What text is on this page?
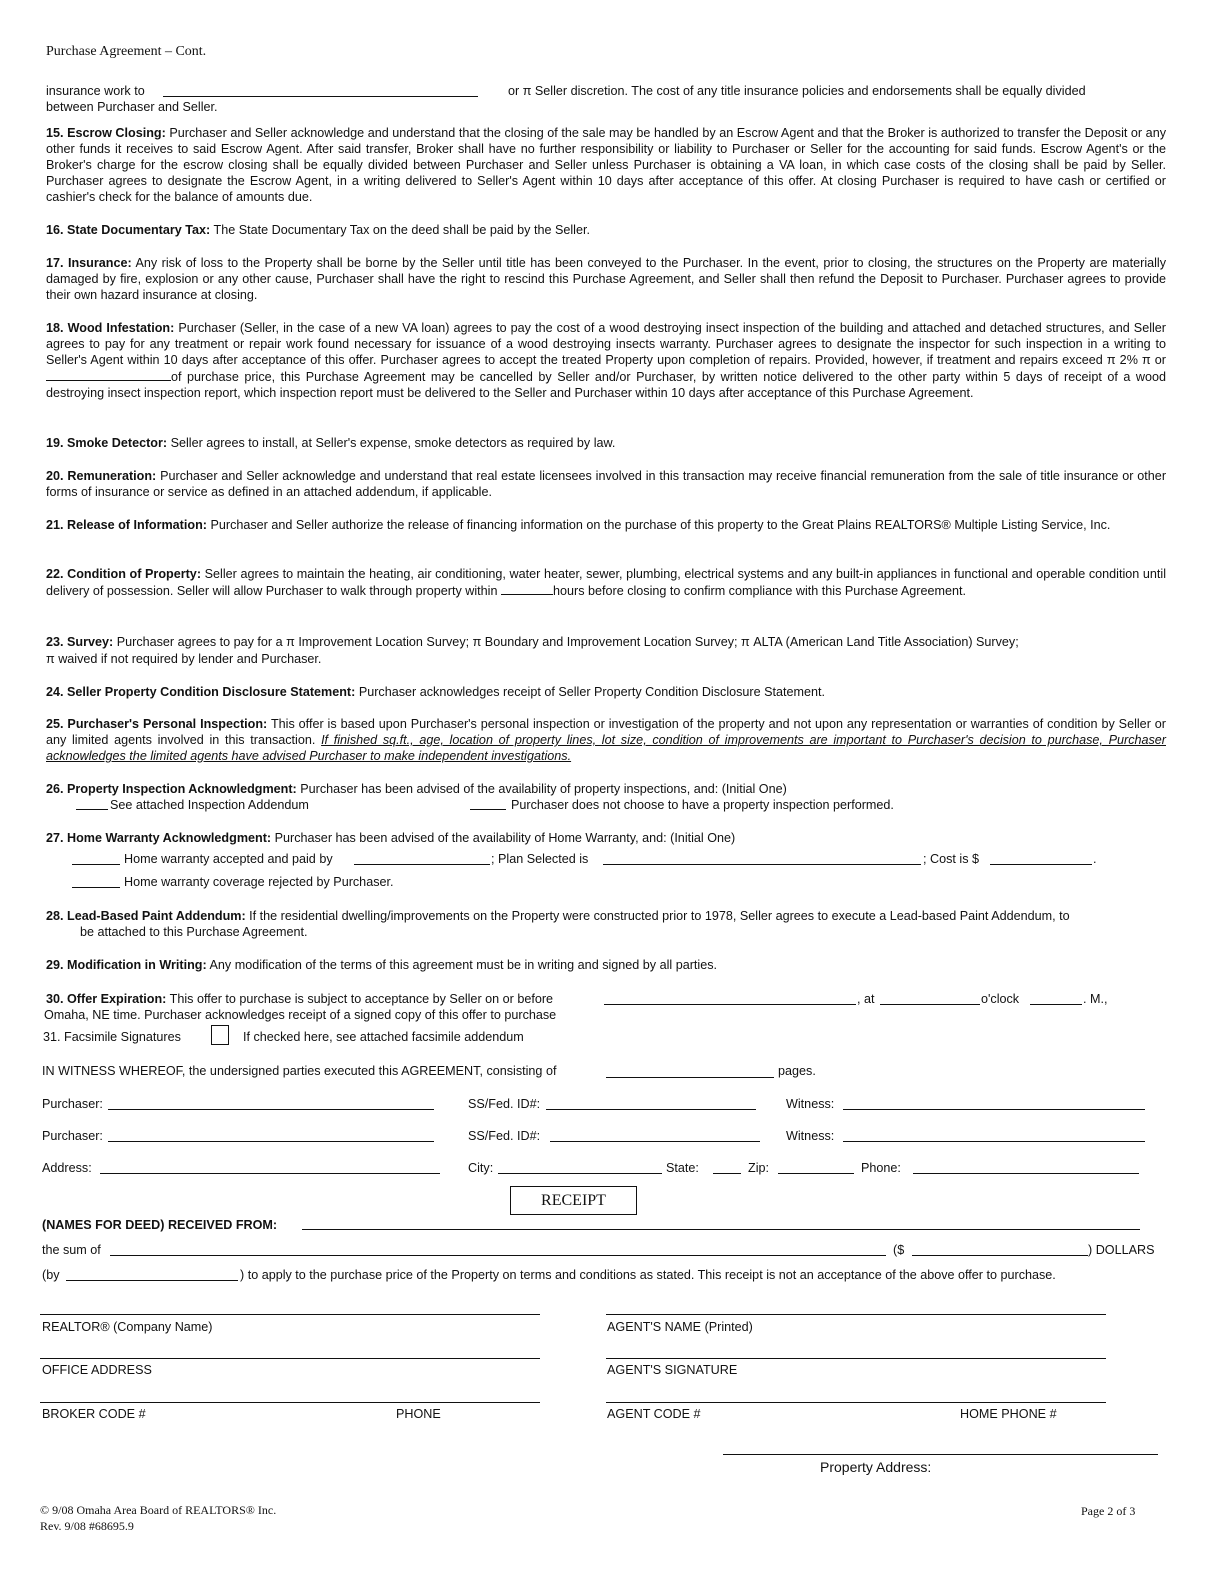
Purchase Agreement – Cont.
insurance work to	or π Seller discretion. The cost of any title insurance policies and endorsements shall be equally divided
between Purchaser and Seller.
15. Escrow Closing: Purchaser and Seller acknowledge and understand that the closing of the sale may be handled by an Escrow Agent and that the Broker is authorized to transfer the Deposit or any other funds it receives to said Escrow Agent. After said transfer, Broker shall have no further responsibility or liability to Purchaser or Seller for the accounting for said funds. Escrow Agent's or the Broker's charge for the escrow closing shall be equally divided between Purchaser and Seller unless Purchaser is obtaining a VA loan, in which case costs of the closing shall be paid by Seller. Purchaser agrees to designate the Escrow Agent, in a writing delivered to Seller's Agent within 10 days after acceptance of this offer. At closing Purchaser is required to have cash or certified or cashier's check for the balance of amounts due.
16. State Documentary Tax: The State Documentary Tax on the deed shall be paid by the Seller.
17. Insurance: Any risk of loss to the Property shall be borne by the Seller until title has been conveyed to the Purchaser. In the event, prior to closing, the structures on the Property are materially damaged by fire, explosion or any other cause, Purchaser shall have the right to rescind this Purchase Agreement, and Seller shall then refund the Deposit to Purchaser. Purchaser agrees to provide their own hazard insurance at closing.
18. Wood Infestation: Purchaser (Seller, in the case of a new VA loan) agrees to pay the cost of a wood destroying insect inspection of the building and attached and detached structures, and Seller agrees to pay for any treatment or repair work found necessary for issuance of a wood destroying insects warranty. Purchaser agrees to designate the inspector for such inspection in a writing to Seller's Agent within 10 days after acceptance of this offer. Purchaser agrees to accept the treated Property upon completion of repairs. Provided, however, if treatment and repairs exceed π 2% π or of purchase price, this Purchase Agreement may be cancelled by Seller and/or Purchaser, by written notice delivered to the other party within 5 days of receipt of a wood destroying insect inspection report, which inspection report must be delivered to the Seller and Purchaser within 10 days after acceptance of this Purchase Agreement.
19. Smoke Detector: Seller agrees to install, at Seller's expense, smoke detectors as required by law.
20. Remuneration: Purchaser and Seller acknowledge and understand that real estate licensees involved in this transaction may receive financial remuneration from the sale of title insurance or other forms of insurance or service as defined in an attached addendum, if applicable.
21. Release of Information: Purchaser and Seller authorize the release of financing information on the purchase of this property to the Great Plains REALTORS® Multiple Listing Service, Inc.
22. Condition of Property: Seller agrees to maintain the heating, air conditioning, water heater, sewer, plumbing, electrical systems and any built-in appliances in functional and operable condition until delivery of possession. Seller will allow Purchaser to walk through property within	hours before closing to confirm compliance with this Purchase Agreement.
23. Survey: Purchaser agrees to pay for a π Improvement Location Survey; π Boundary and Improvement Location Survey; π ALTA (American Land Title Association) Survey;
π waived if not required by lender and Purchaser.
24. Seller Property Condition Disclosure Statement: Purchaser acknowledges receipt of Seller Property Condition Disclosure Statement.
25. Purchaser's Personal Inspection: This offer is based upon Purchaser's personal inspection or investigation of the property and not upon any representation or warranties of condition by Seller or any limited agents involved in this transaction. If finished sq.ft., age, location of property lines, lot size, condition of improvements are important to Purchaser's decision to purchase, Purchaser acknowledges the limited agents have advised Purchaser to make independent investigations.
26. Property Inspection Acknowledgment: Purchaser has been advised of the availability of property inspections, and: (Initial One)
See attached Inspection Addendum	Purchaser does not choose to have a property inspection performed.
27. Home Warranty Acknowledgment: Purchaser has been advised of the availability of Home Warranty, and: (Initial One)
Home warranty accepted and paid by	; Plan Selected is	; Cost is $	.
Home warranty coverage rejected by Purchaser.
28. Lead-Based Paint Addendum: If the residential dwelling/improvements on the Property were constructed prior to 1978, Seller agrees to execute a Lead-based Paint Addendum, to
be attached to this Purchase Agreement.
29. Modification in Writing: Any modification of the terms of this agreement must be in writing and signed by all parties.
30. Offer Expiration: This offer to purchase is subject to acceptance by Seller on or before	, at	o'clock	. M.,
Omaha, NE time. Purchaser acknowledges receipt of a signed copy of this offer to purchase
31. Facsimile Signatures	If checked here, see attached facsimile addendum
IN WITNESS WHEREOF, the undersigned parties executed this AGREEMENT, consisting of	pages.
Purchaser:	SS/Fed. ID#:	Witness:
Purchaser:	SS/Fed. ID#:	Witness:
Address:	City:	State:	Zip:	Phone:
RECEIPT
(NAMES FOR DEED) RECEIVED FROM:
the sum of	($	) DOLLARS
(by	) to apply to the purchase price of the Property on terms and conditions as stated. This receipt is not an acceptance of the above offer to purchase.
REALTOR® (Company Name)	AGENT'S NAME (Printed)
OFFICE ADDRESS	AGENT'S SIGNATURE
BROKER CODE #	PHONE	AGENT CODE #	HOME PHONE #
Property Address:
© 9/08 Omaha Area Board of REALTORS® Inc.
Rev. 9/08 #68695.9
Page 2 of 3
